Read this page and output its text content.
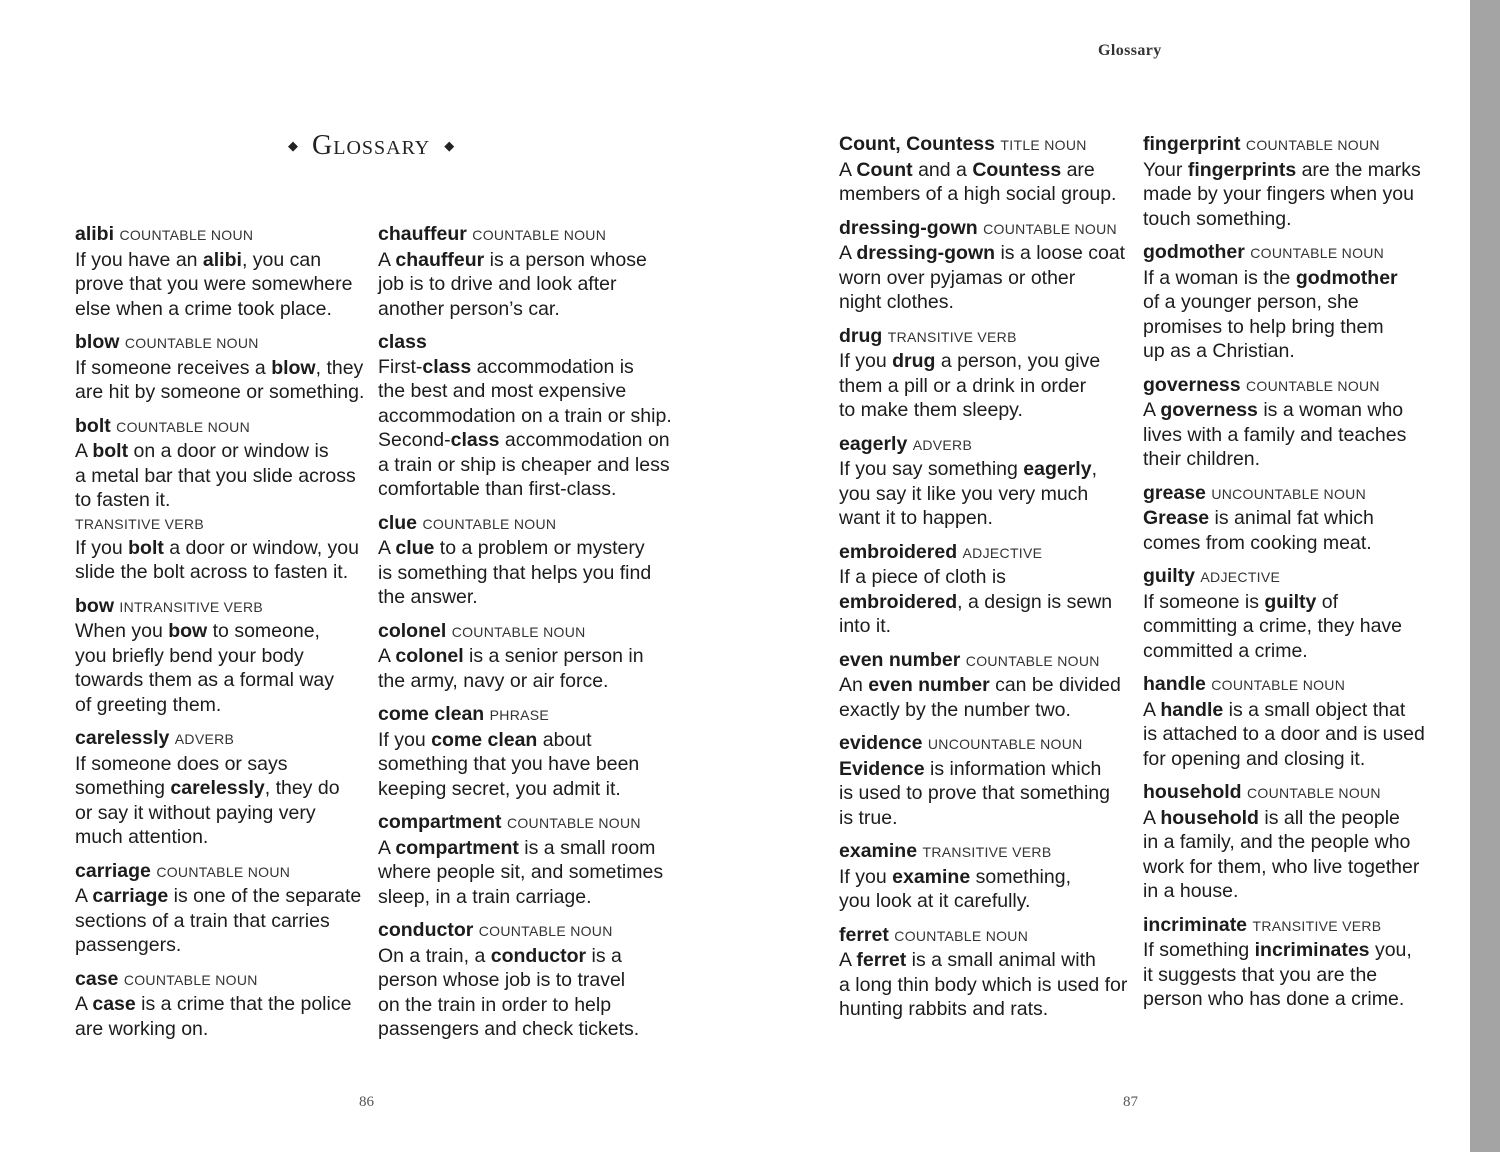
Glossary
◆ Glossary ◆
alibi COUNTABLE NOUN
If you have an alibi, you can
prove that you were somewhere
else when a crime took place.
blow COUNTABLE NOUN
If someone receives a blow, they
are hit by someone or something.
bolt COUNTABLE NOUN
A bolt on a door or window is
a metal bar that you slide across
to fasten it.
TRANSITIVE VERB
If you bolt a door or window, you
slide the bolt across to fasten it.
bow INTRANSITIVE VERB
When you bow to someone,
you briefly bend your body
towards them as a formal way
of greeting them.
carelessly ADVERB
If someone does or says
something carelessly, they do
or say it without paying very
much attention.
carriage COUNTABLE NOUN
A carriage is one of the separate
sections of a train that carries
passengers.
case COUNTABLE NOUN
A case is a crime that the police
are working on.
chauffeur COUNTABLE NOUN
A chauffeur is a person whose
job is to drive and look after
another person’s car.
class
First-class accommodation is
the best and most expensive
accommodation on a train or ship.
Second-class accommodation on
a train or ship is cheaper and less
comfortable than first-class.
clue COUNTABLE NOUN
A clue to a problem or mystery
is something that helps you find
the answer.
colonel COUNTABLE NOUN
A colonel is a senior person in
the army, navy or air force.
come clean PHRASE
If you come clean about
something that you have been
keeping secret, you admit it.
compartment COUNTABLE NOUN
A compartment is a small room
where people sit, and sometimes
sleep, in a train carriage.
conductor COUNTABLE NOUN
On a train, a conductor is a
person whose job is to travel
on the train in order to help
passengers and check tickets.
Count, Countess TITLE NOUN
A Count and a Countess are
members of a high social group.
dressing-gown COUNTABLE NOUN
A dressing-gown is a loose coat
worn over pyjamas or other
night clothes.
drug TRANSITIVE VERB
If you drug a person, you give
them a pill or a drink in order
to make them sleepy.
eagerly ADVERB
If you say something eagerly,
you say it like you very much
want it to happen.
embroidered ADJECTIVE
If a piece of cloth is
embroidered, a design is sewn
into it.
even number COUNTABLE NOUN
An even number can be divided
exactly by the number two.
evidence UNCOUNTABLE NOUN
Evidence is information which
is used to prove that something
is true.
examine TRANSITIVE VERB
If you examine something,
you look at it carefully.
ferret COUNTABLE NOUN
A ferret is a small animal with
a long thin body which is used for
hunting rabbits and rats.
fingerprint COUNTABLE NOUN
Your fingerprints are the marks
made by your fingers when you
touch something.
godmother COUNTABLE NOUN
If a woman is the godmother
of a younger person, she
promises to help bring them
up as a Christian.
governess COUNTABLE NOUN
A governess is a woman who
lives with a family and teaches
their children.
grease UNCOUNTABLE NOUN
Grease is animal fat which
comes from cooking meat.
guilty ADJECTIVE
If someone is guilty of
committing a crime, they have
committed a crime.
handle COUNTABLE NOUN
A handle is a small object that
is attached to a door and is used
for opening and closing it.
household COUNTABLE NOUN
A household is all the people
in a family, and the people who
work for them, who live together
in a house.
incriminate TRANSITIVE VERB
If something incriminates you,
it suggests that you are the
person who has done a crime.
86	87
